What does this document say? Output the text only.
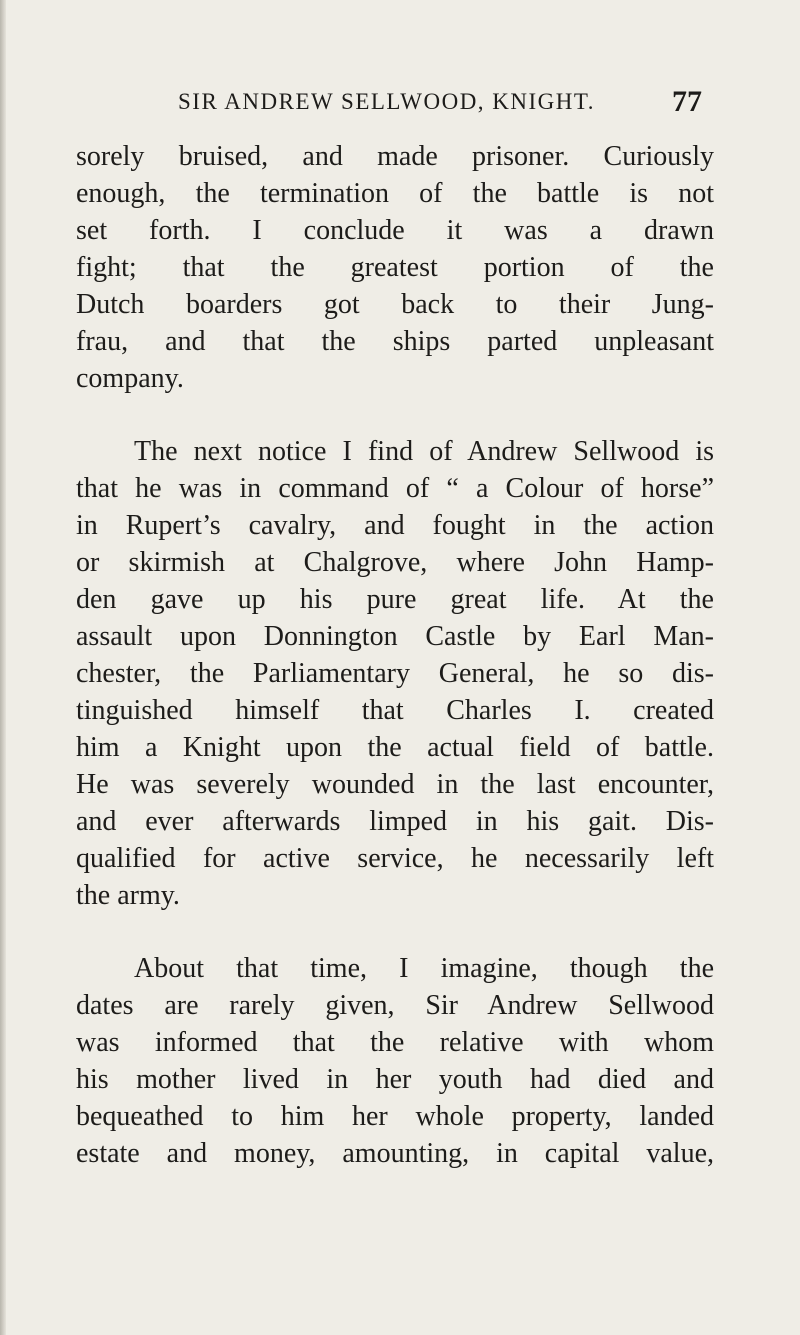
SIR ANDREW SELLWOOD, KNIGHT.	77
sorely bruised, and made prisoner. Curiously
enough, the termination of the battle is not
set forth. I conclude it was a drawn
fight; that the greatest portion of the
Dutch boarders got back to their Jung-
frau, and that the ships parted unpleasant
company.
The next notice I find of Andrew Sellwood is
that he was in command of “ a Colour of horse”
in Rupert’s cavalry, and fought in the action
or skirmish at Chalgrove, where John Hamp-
den gave up his pure great life. At the
assault upon Donnington Castle by Earl Man-
chester, the Parliamentary General, he so dis-
tinguished himself that Charles I. created
him a Knight upon the actual field of battle.
He was severely wounded in the last encounter,
and ever afterwards limped in his gait. Dis-
qualified for active service, he necessarily left
the army.
About that time, I imagine, though the
dates are rarely given, Sir Andrew Sellwood
was informed that the relative with whom
his mother lived in her youth had died and
bequeathed to him her whole property, landed
estate and money, amounting, in capital value,
